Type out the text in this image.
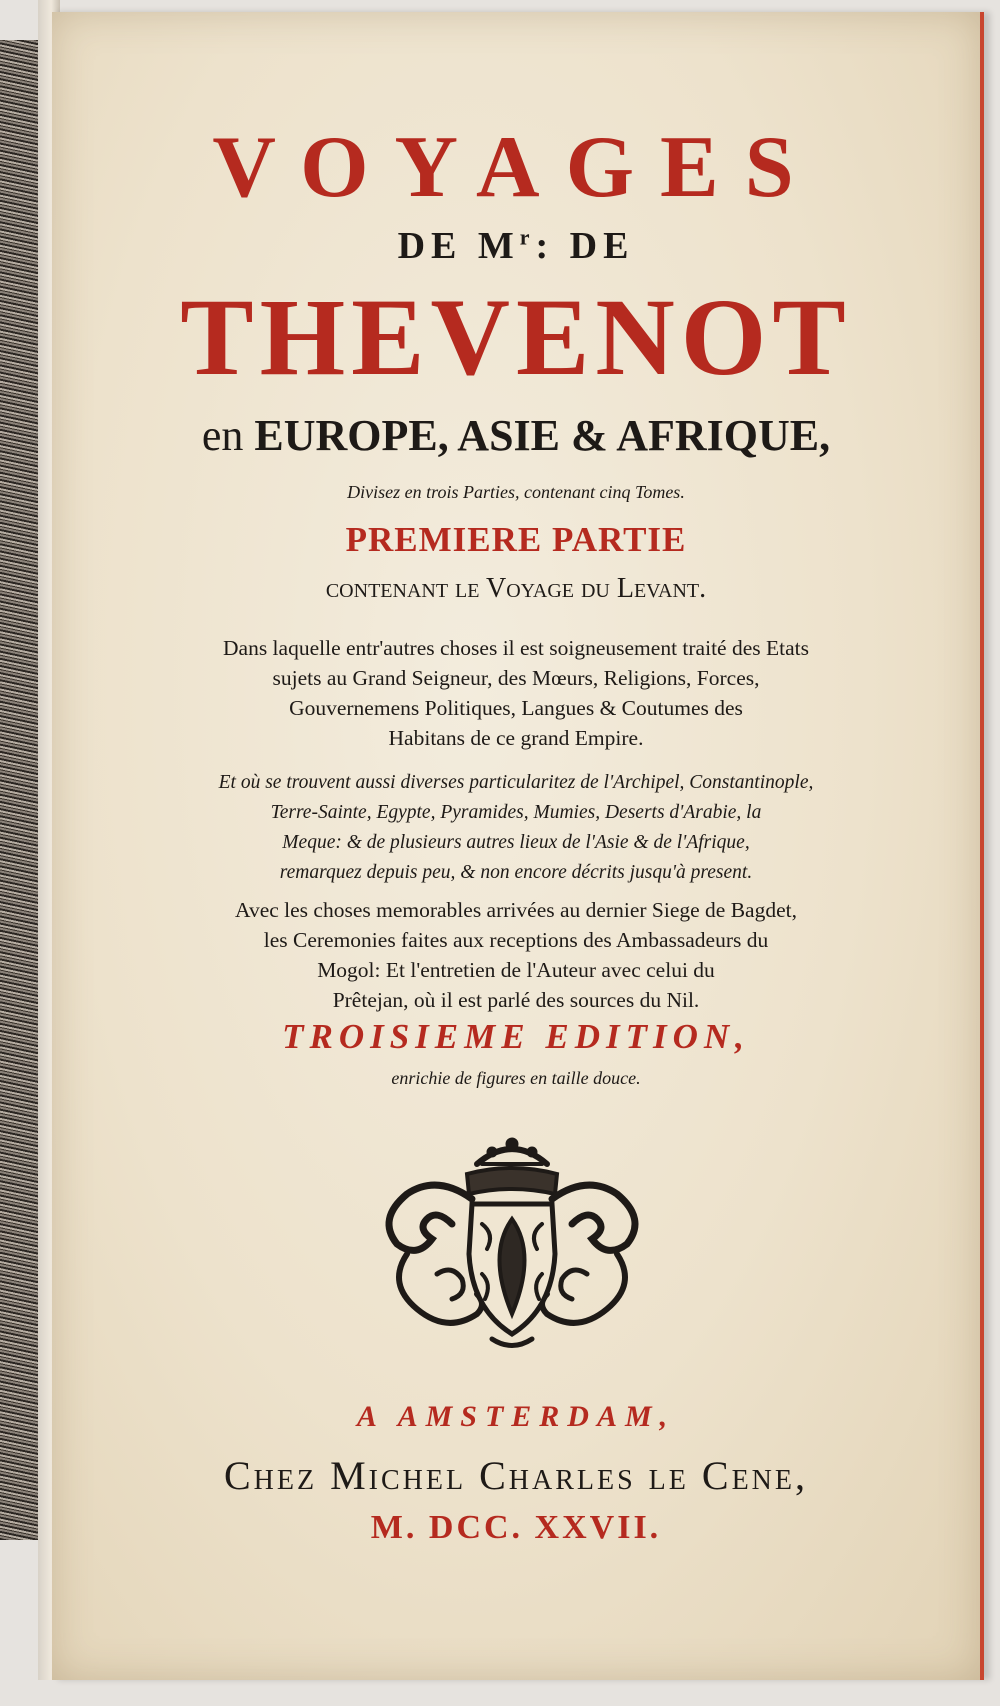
VOYAGES

DE $M^r$: DE

THEVENOT

en EUROPE, ASIE & AFRIQUE,

Divisez en trois Parties, contenant cinq Tomes.

PREMIERE PARTIE

contenant le Voyage du Levant.

Dans laquelle entr'autres choses il est soigneusement traité des Etats

sujets au Grand Seigneur, des Mœurs, Religions, Forces,

Gouvernemens Politiques, Langues & Coutumes des

Habitans de ce grand Empire.

Et où se trouvent aussi diverses particularitez de l'Archipel, Constantinople,

Terre-Sainte, Egypte, Pyramides, Mumies, Deserts d'Arabie, la

Meque: & de plusieurs autres lieux de l'Asie & de l'Afrique,

remarquez depuis peu, & non encore décrits jusqu'à present.

Avec les choses memorables arrivées au dernier Siege de Bagdet,

les Ceremonies faites aux receptions des Ambassadeurs du

Mogol: Et l'entretien de l'Auteur avec celui du

Prêtejan, où il est parlé des sources du Nil.

TROISIEME EDITION,

enrichie de figures en taille douce.

A AMSTERDAM,

Chez Michel Charles le Cene,

M. DCC. XXVII.
